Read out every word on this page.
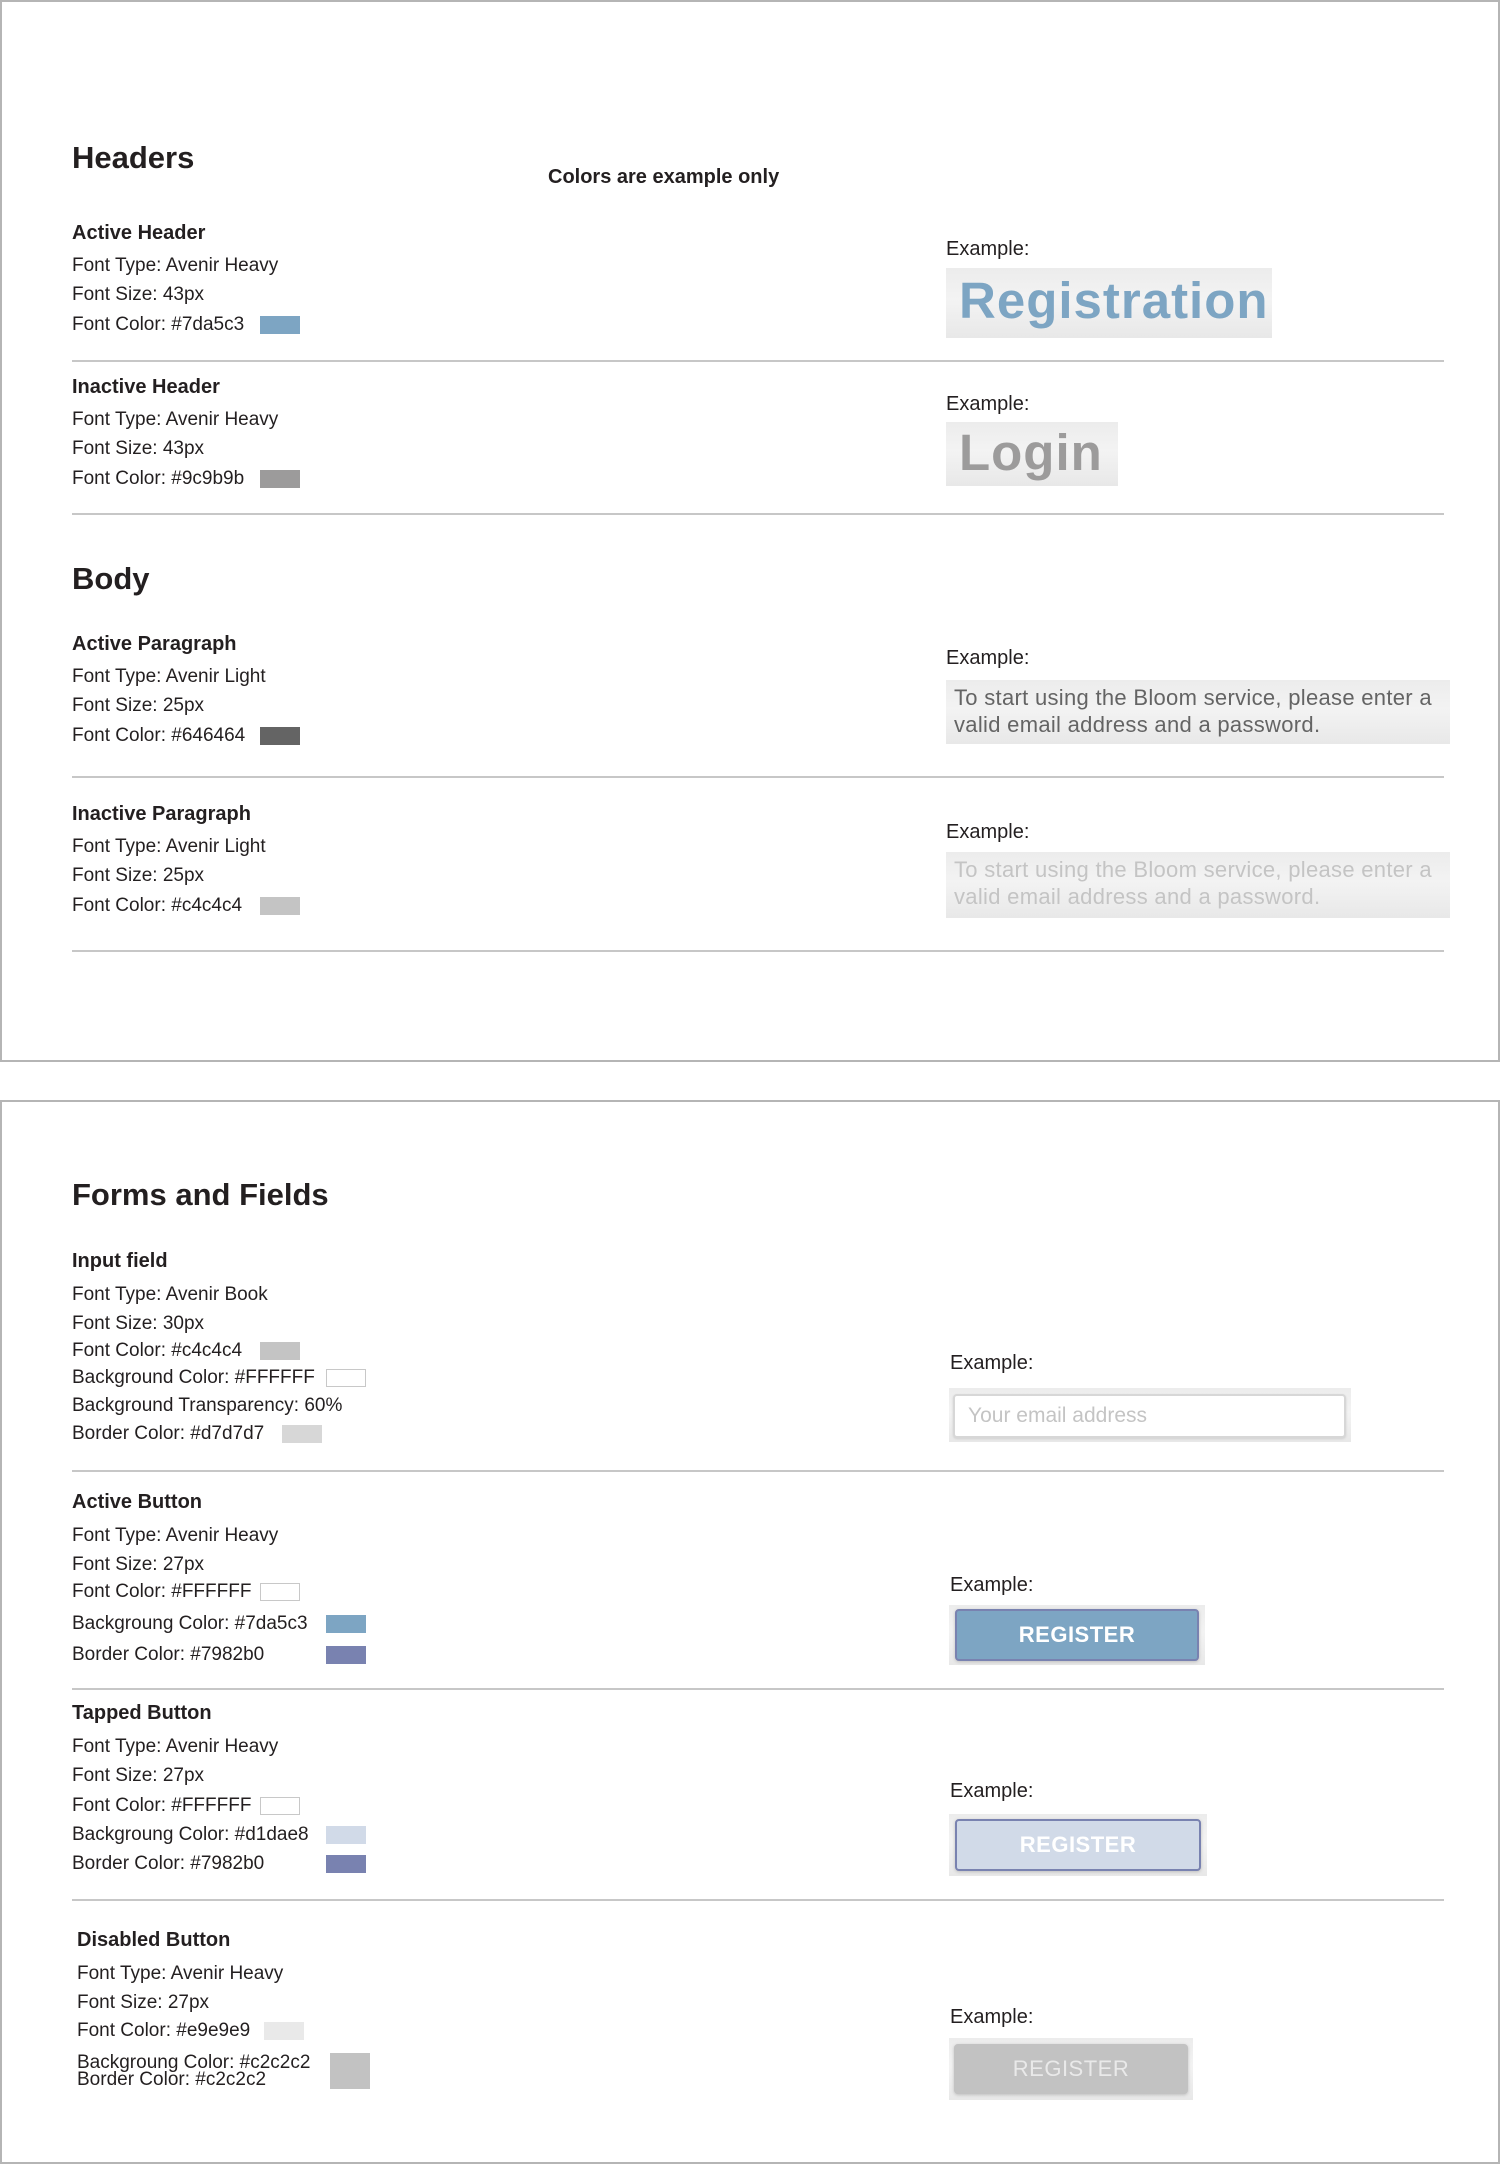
Headers
Colors are example only
Active Header
Font Type: Avenir Heavy
Font Size: 43px
Font Color: #7da5c3
Example:
Registration
Inactive Header
Font Type: Avenir Heavy
Font Size: 43px
Font Color: #9c9b9b
Example:
Login
Body
Active Paragraph
Font Type: Avenir Light
Font Size: 25px
Font Color: #646464
Example:
To start using the Bloom service, please enter a
valid email address and a password.
Inactive Paragraph
Font Type: Avenir Light
Font Size: 25px
Font Color: #c4c4c4
Example:
To start using the Bloom service, please enter a
valid email address and a password.
Forms and Fields
Input field
Font Type: Avenir Book
Font Size: 30px
Font Color: #c4c4c4
Background Color: #FFFFFF
Background Transparency: 60%
Border Color: #d7d7d7
Example:
Your email address
Active Button
Font Type: Avenir Heavy
Font Size: 27px
Font Color: #FFFFFF
Backgroung Color: #7da5c3
Border Color: #7982b0
Example:
REGISTER
Tapped Button
Font Type: Avenir Heavy
Font Size: 27px
Font Color: #FFFFFF
Backgroung Color: #d1dae8
Border Color: #7982b0
Example:
REGISTER
Disabled Button
Font Type: Avenir Heavy
Font Size: 27px
Font Color: #e9e9e9
Backgroung Color: #c2c2c2
Border Color: #c2c2c2
Example:
REGISTER
